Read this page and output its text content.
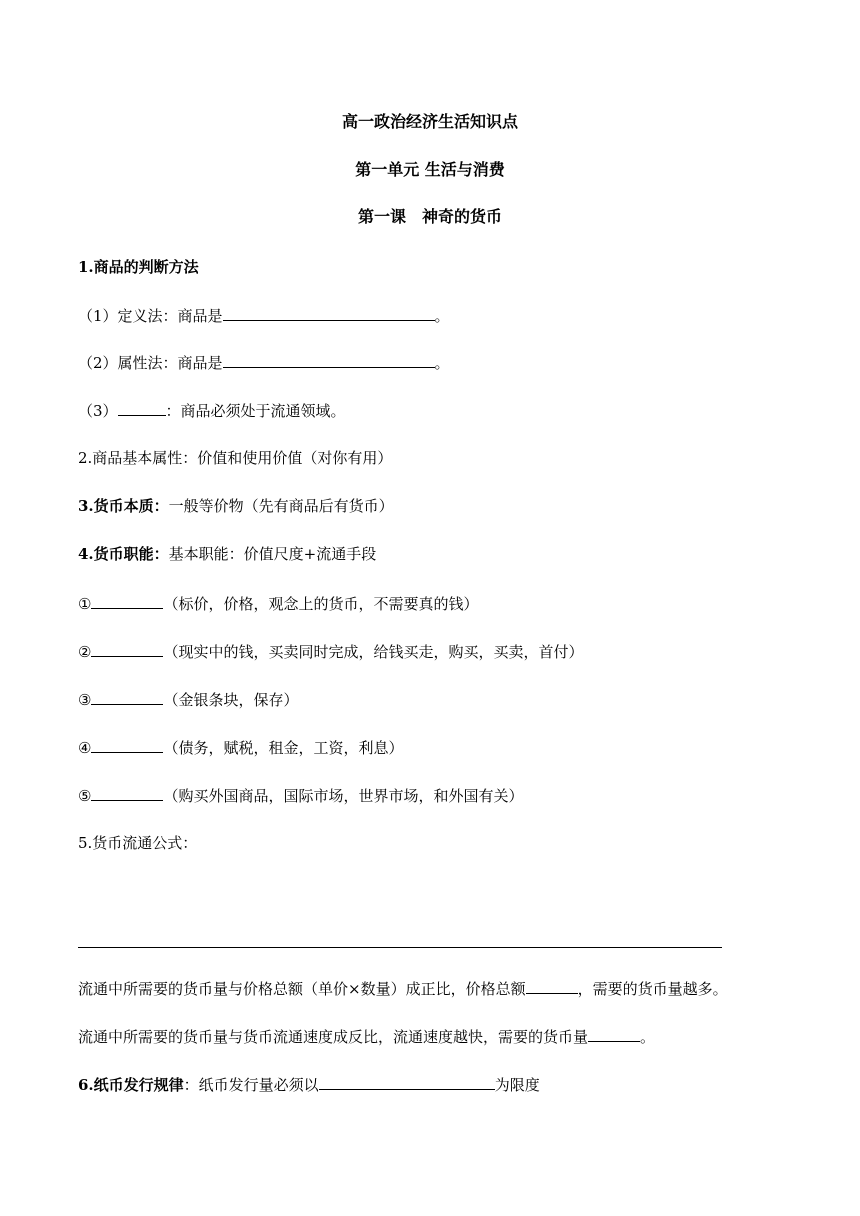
高一政治经济生活知识点

第一单元 生活与消费

第一课　神奇的货币

1.商品的判断方法

（1）定义法：商品是	。

（2）属性法：商品是	。

（3）	：商品必须处于流通领域。

2.商品基本属性：价值和使用价值（对你有用）

3.货币本质：一般等价物（先有商品后有货币）

4.货币职能：基本职能：价值尺度+流通手段

①	（标价，价格，观念上的货币，不需要真的钱）

②	（现实中的钱，买卖同时完成，给钱买走，购买，买卖，首付）

③	（金银条块，保存）

④	（债务，赋税，租金，工资，利息）

⑤	（购买外国商品，国际市场，世界市场，和外国有关）

5.货币流通公式：

流通中所需要的货币量与价格总额（单价×数量）成正比，价格总额	，需要的货币量越多。

流通中所需要的货币量与货币流通速度成反比，流通速度越快，需要的货币量	。

6.纸币发行规律：纸币发行量必须以	为限度
